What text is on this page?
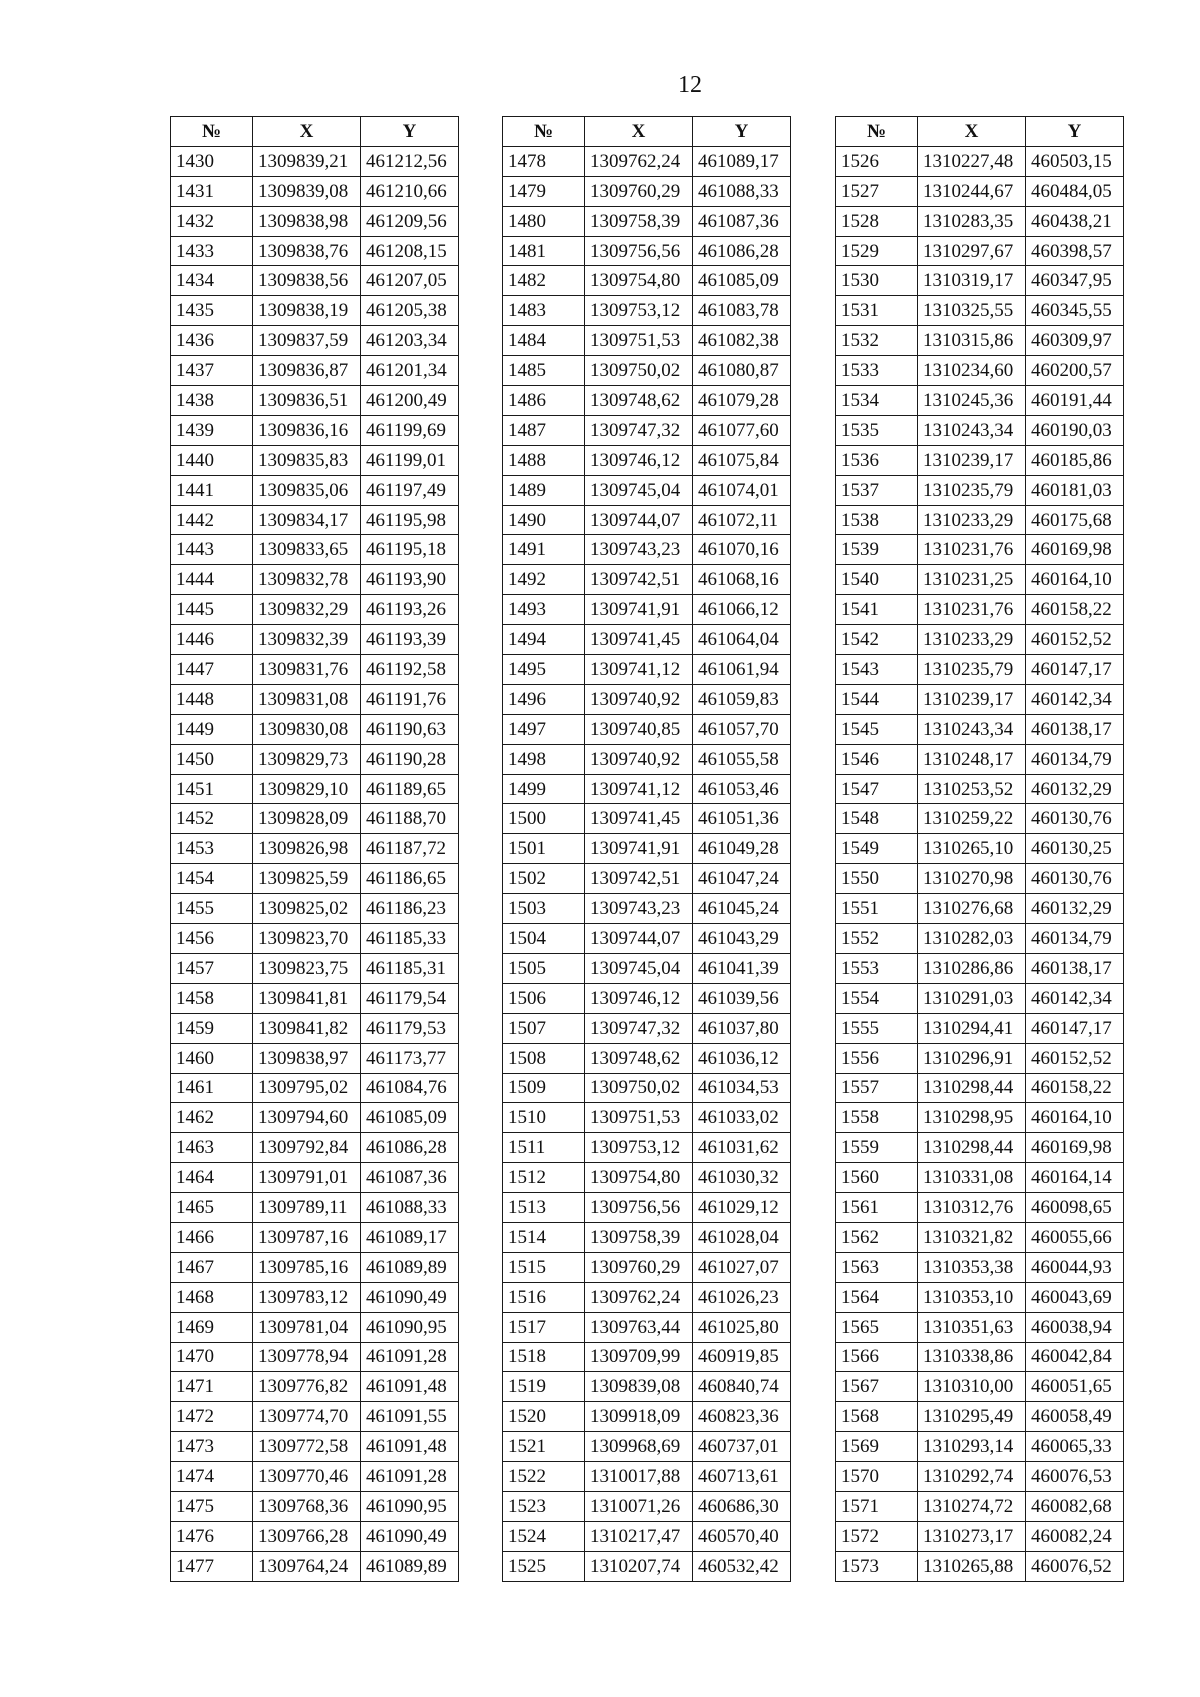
12
№	X	Y
1430	1309839,21	461212,56
1431	1309839,08	461210,66
1432	1309838,98	461209,56
1433	1309838,76	461208,15
1434	1309838,56	461207,05
1435	1309838,19	461205,38
1436	1309837,59	461203,34
1437	1309836,87	461201,34
1438	1309836,51	461200,49
1439	1309836,16	461199,69
1440	1309835,83	461199,01
1441	1309835,06	461197,49
1442	1309834,17	461195,98
1443	1309833,65	461195,18
1444	1309832,78	461193,90
1445	1309832,29	461193,26
1446	1309832,39	461193,39
1447	1309831,76	461192,58
1448	1309831,08	461191,76
1449	1309830,08	461190,63
1450	1309829,73	461190,28
1451	1309829,10	461189,65
1452	1309828,09	461188,70
1453	1309826,98	461187,72
1454	1309825,59	461186,65
1455	1309825,02	461186,23
1456	1309823,70	461185,33
1457	1309823,75	461185,31
1458	1309841,81	461179,54
1459	1309841,82	461179,53
1460	1309838,97	461173,77
1461	1309795,02	461084,76
1462	1309794,60	461085,09
1463	1309792,84	461086,28
1464	1309791,01	461087,36
1465	1309789,11	461088,33
1466	1309787,16	461089,17
1467	1309785,16	461089,89
1468	1309783,12	461090,49
1469	1309781,04	461090,95
1470	1309778,94	461091,28
1471	1309776,82	461091,48
1472	1309774,70	461091,55
1473	1309772,58	461091,48
1474	1309770,46	461091,28
1475	1309768,36	461090,95
1476	1309766,28	461090,49
1477	1309764,24	461089,89
№	X	Y
1478	1309762,24	461089,17
1479	1309760,29	461088,33
1480	1309758,39	461087,36
1481	1309756,56	461086,28
1482	1309754,80	461085,09
1483	1309753,12	461083,78
1484	1309751,53	461082,38
1485	1309750,02	461080,87
1486	1309748,62	461079,28
1487	1309747,32	461077,60
1488	1309746,12	461075,84
1489	1309745,04	461074,01
1490	1309744,07	461072,11
1491	1309743,23	461070,16
1492	1309742,51	461068,16
1493	1309741,91	461066,12
1494	1309741,45	461064,04
1495	1309741,12	461061,94
1496	1309740,92	461059,83
1497	1309740,85	461057,70
1498	1309740,92	461055,58
1499	1309741,12	461053,46
1500	1309741,45	461051,36
1501	1309741,91	461049,28
1502	1309742,51	461047,24
1503	1309743,23	461045,24
1504	1309744,07	461043,29
1505	1309745,04	461041,39
1506	1309746,12	461039,56
1507	1309747,32	461037,80
1508	1309748,62	461036,12
1509	1309750,02	461034,53
1510	1309751,53	461033,02
1511	1309753,12	461031,62
1512	1309754,80	461030,32
1513	1309756,56	461029,12
1514	1309758,39	461028,04
1515	1309760,29	461027,07
1516	1309762,24	461026,23
1517	1309763,44	461025,80
1518	1309709,99	460919,85
1519	1309839,08	460840,74
1520	1309918,09	460823,36
1521	1309968,69	460737,01
1522	1310017,88	460713,61
1523	1310071,26	460686,30
1524	1310217,47	460570,40
1525	1310207,74	460532,42
№	X	Y
1526	1310227,48	460503,15
1527	1310244,67	460484,05
1528	1310283,35	460438,21
1529	1310297,67	460398,57
1530	1310319,17	460347,95
1531	1310325,55	460345,55
1532	1310315,86	460309,97
1533	1310234,60	460200,57
1534	1310245,36	460191,44
1535	1310243,34	460190,03
1536	1310239,17	460185,86
1537	1310235,79	460181,03
1538	1310233,29	460175,68
1539	1310231,76	460169,98
1540	1310231,25	460164,10
1541	1310231,76	460158,22
1542	1310233,29	460152,52
1543	1310235,79	460147,17
1544	1310239,17	460142,34
1545	1310243,34	460138,17
1546	1310248,17	460134,79
1547	1310253,52	460132,29
1548	1310259,22	460130,76
1549	1310265,10	460130,25
1550	1310270,98	460130,76
1551	1310276,68	460132,29
1552	1310282,03	460134,79
1553	1310286,86	460138,17
1554	1310291,03	460142,34
1555	1310294,41	460147,17
1556	1310296,91	460152,52
1557	1310298,44	460158,22
1558	1310298,95	460164,10
1559	1310298,44	460169,98
1560	1310331,08	460164,14
1561	1310312,76	460098,65
1562	1310321,82	460055,66
1563	1310353,38	460044,93
1564	1310353,10	460043,69
1565	1310351,63	460038,94
1566	1310338,86	460042,84
1567	1310310,00	460051,65
1568	1310295,49	460058,49
1569	1310293,14	460065,33
1570	1310292,74	460076,53
1571	1310274,72	460082,68
1572	1310273,17	460082,24
1573	1310265,88	460076,52
